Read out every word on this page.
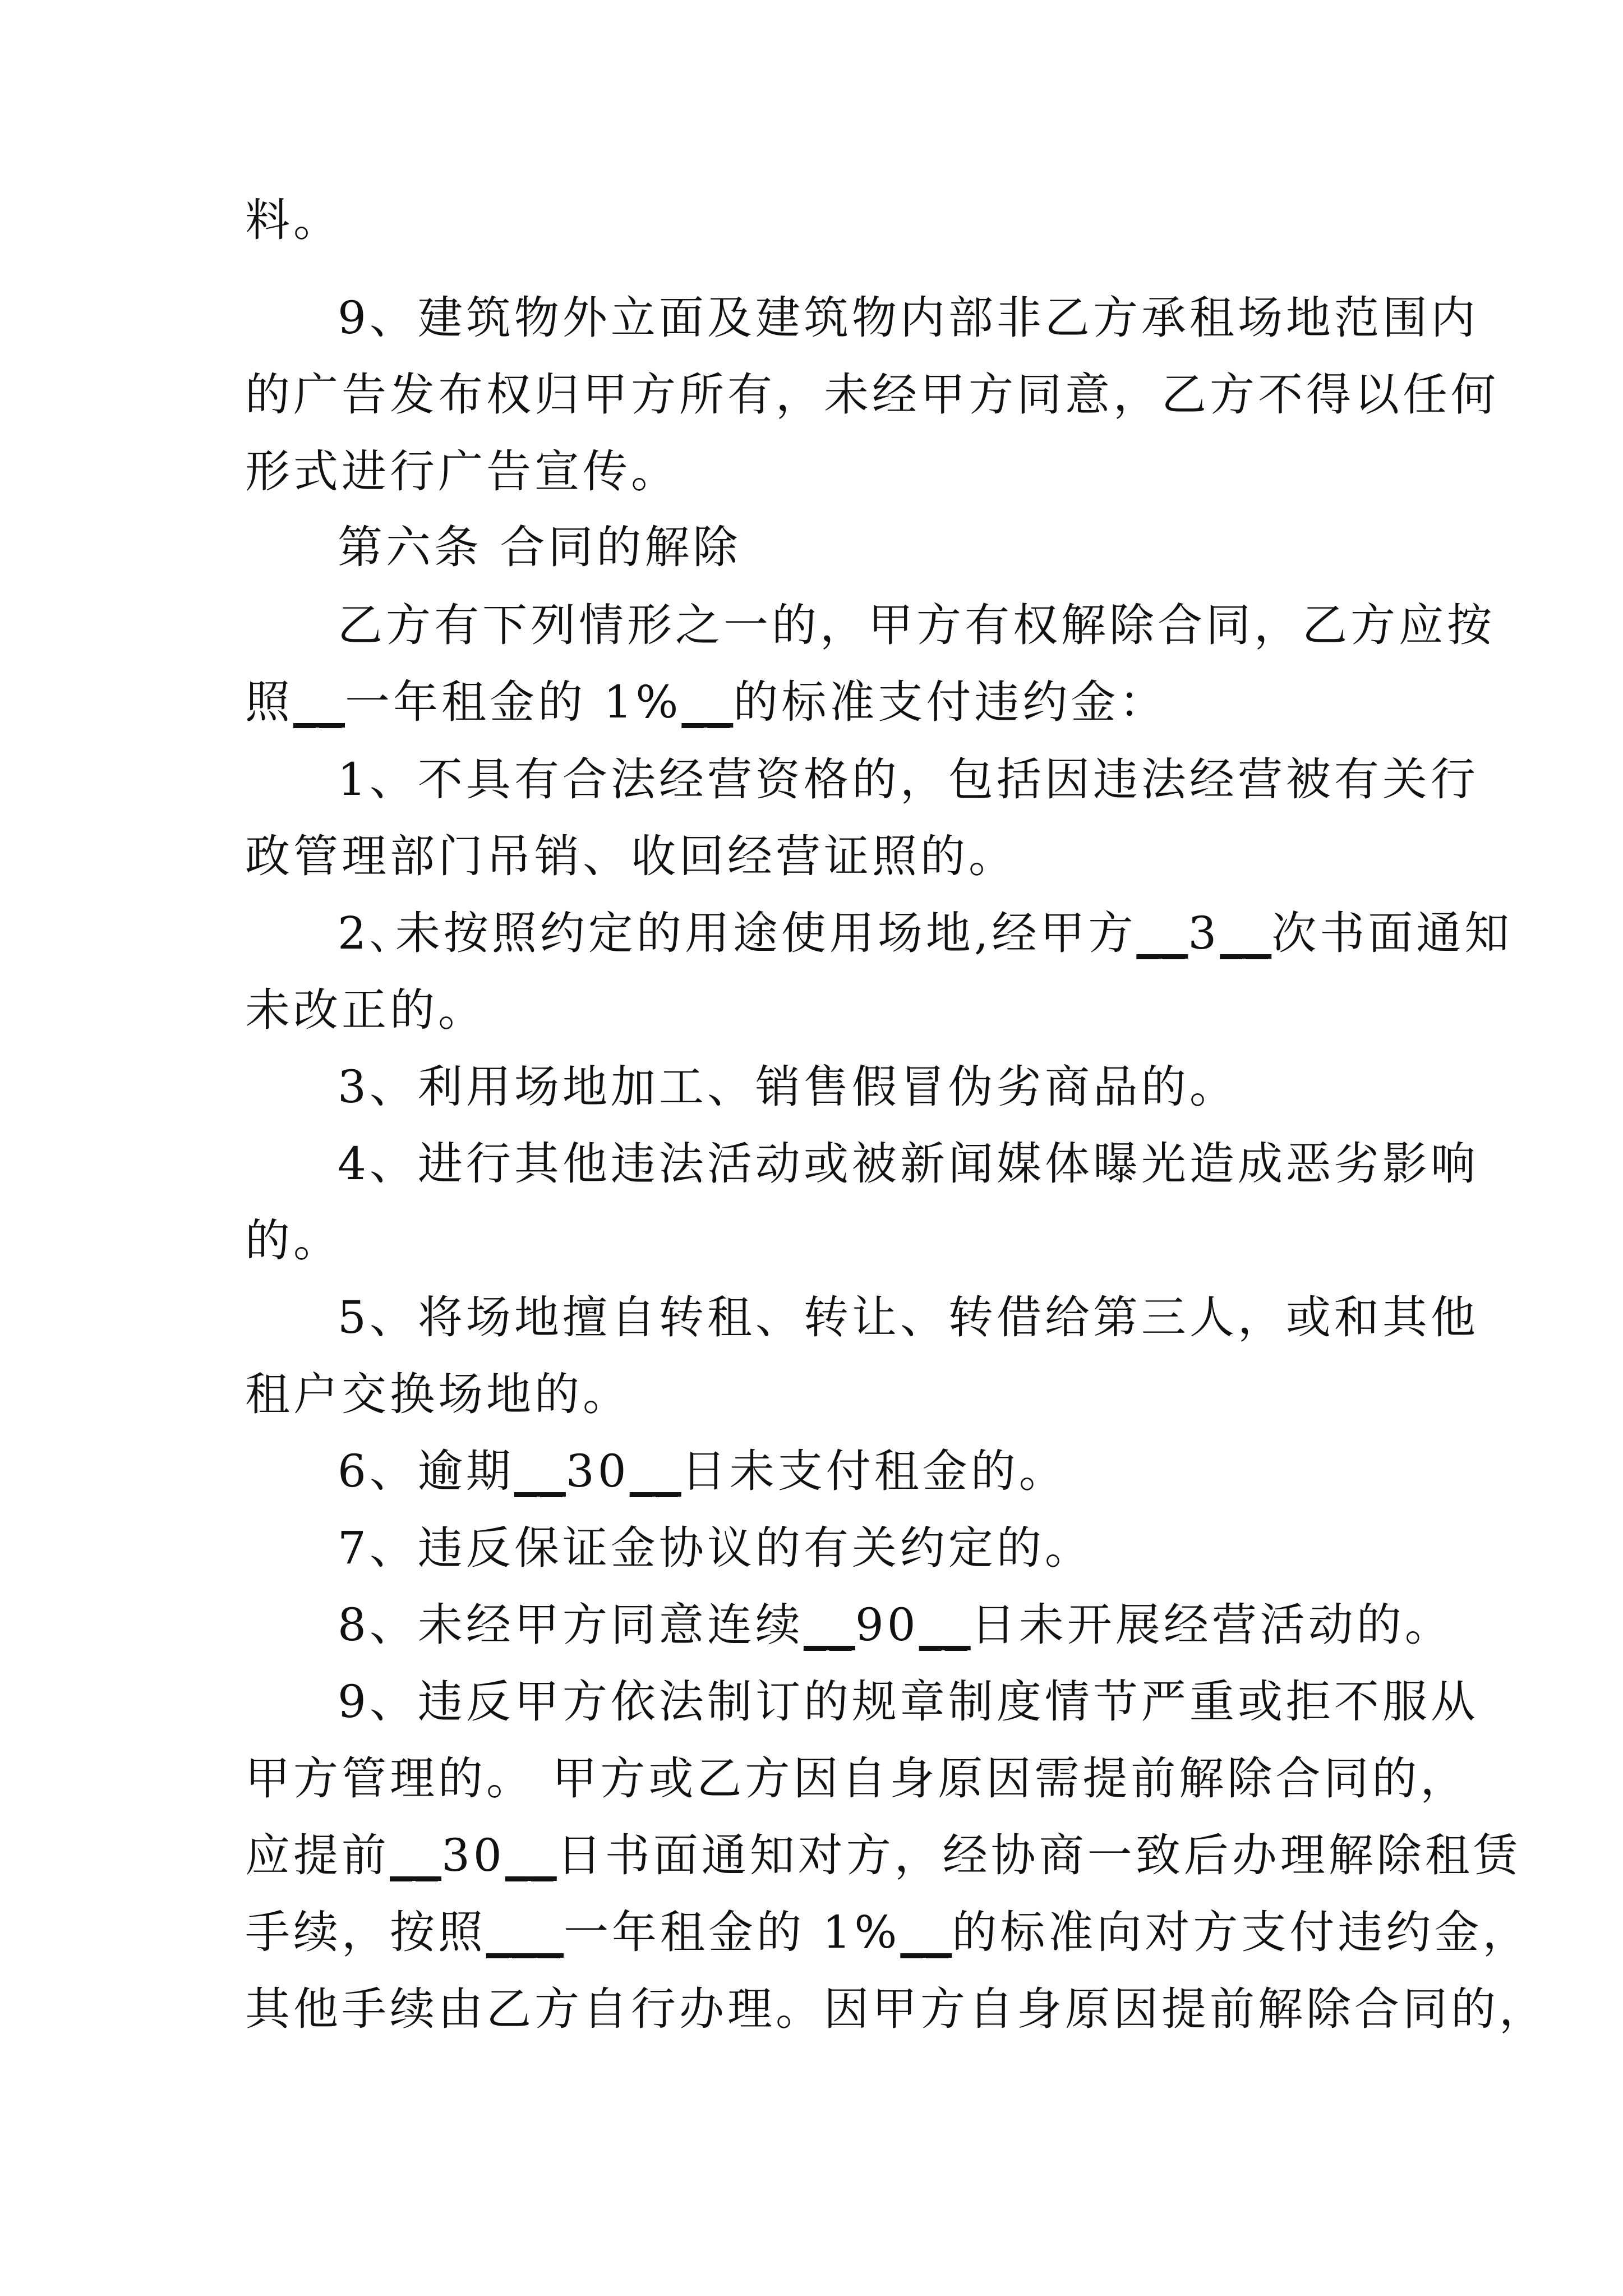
料。

9、建筑物外立面及建筑物内部非乙方承租场地范围内

的广告发布权归甲方所有，未经甲方同意，乙方不得以任何

形式进行广告宣传。

第六条 合同的解除

乙方有下列情形之一的，甲方有权解除合同，乙方应按

照__一年租金的 1%__的标准支付违约金：

1、不具有合法经营资格的，包括因违法经营被有关行

政管理部门吊销、收回经营证照的。

2､未按照约定的用途使用场地,经甲方__3__次书面通知

未改正的。

3、利用场地加工、销售假冒伪劣商品的。

4、进行其他违法活动或被新闻媒体曝光造成恶劣影响

的。

5、将场地擅自转租、转让、转借给第三人，或和其他

租户交换场地的。

6、逾期__30__日未支付租金的。

7、违反保证金协议的有关约定的。

8、未经甲方同意连续__90__日未开展经营活动的。

9、违反甲方依法制订的规章制度情节严重或拒不服从

甲方管理的。 甲方或乙方因自身原因需提前解除合同的，

应提前__30__日书面通知对方，经协商一致后办理解除租赁

手续，按照___一年租金的 1%__的标准向对方支付违约金，

其他手续由乙方自行办理。因甲方自身原因提前解除合同的，
